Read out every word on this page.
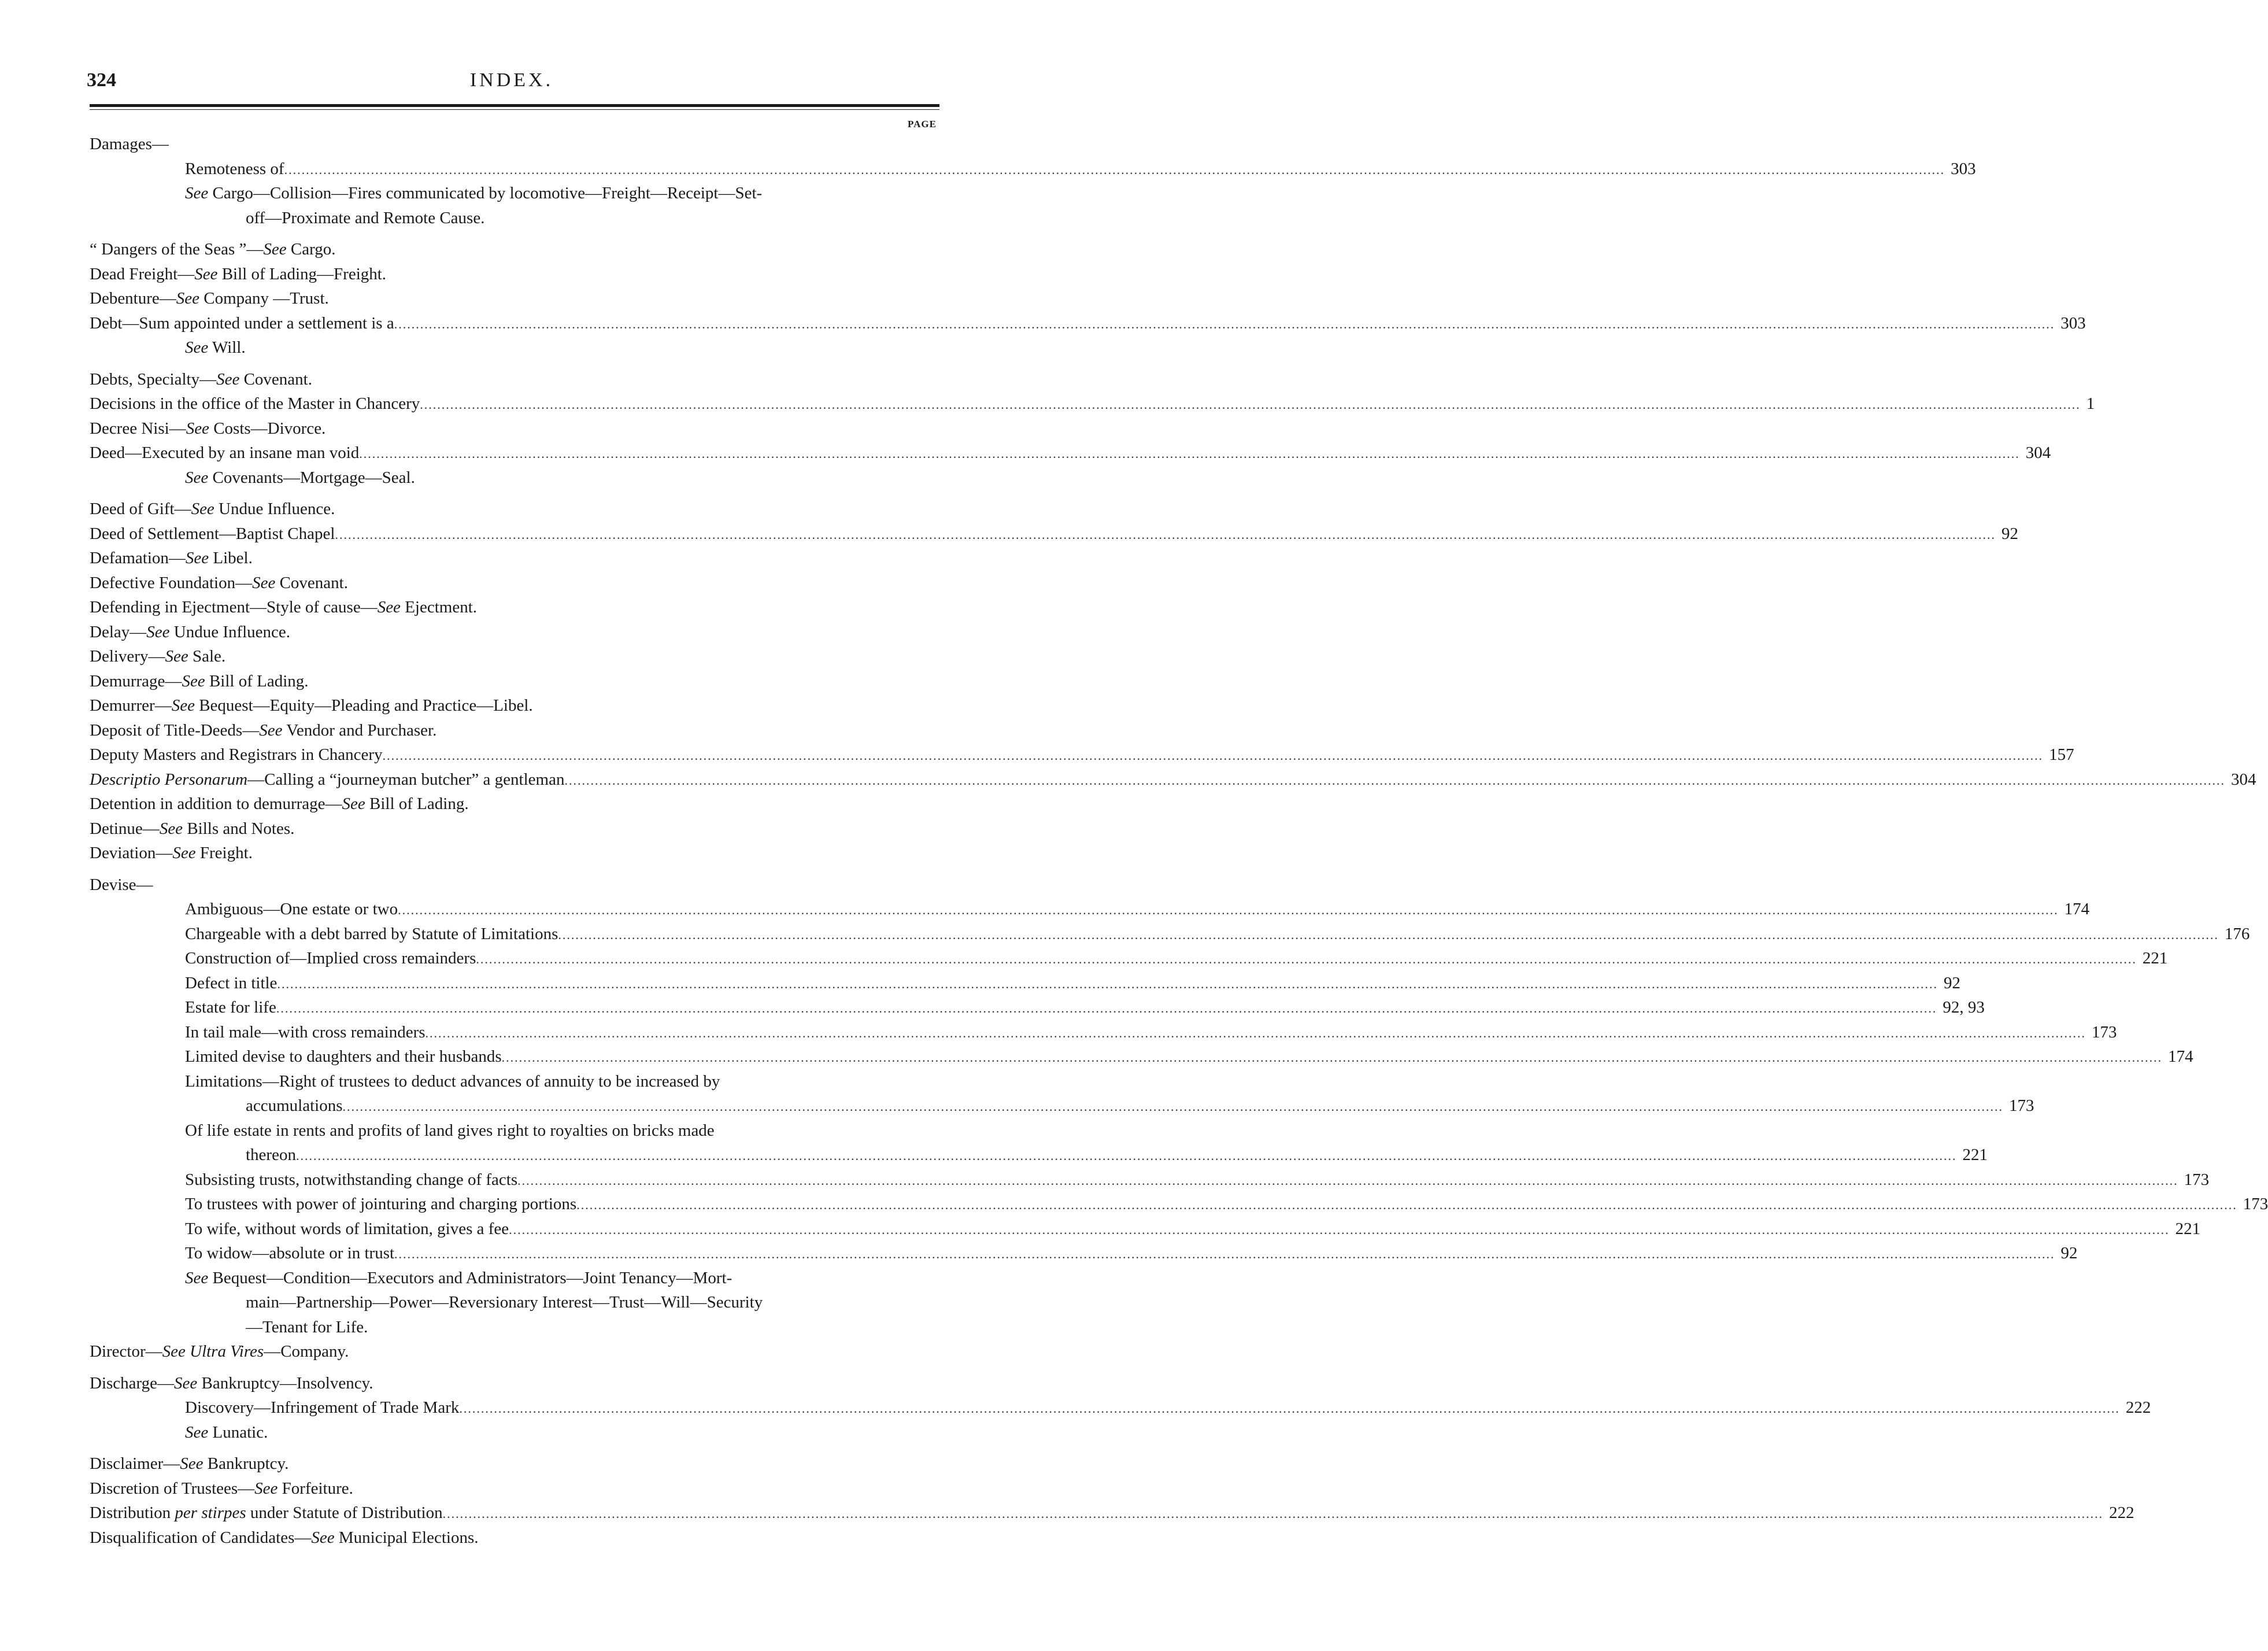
INDEX.
324
PAGE
Damages—
Remoteness of .....	303
See Cargo—Collision—Fires communicated by locomotive—Freight—Receipt—Set-
off—Proximate and Remote Cause.
“ Dangers of the Seas ”—See Cargo.
Dead Freight—See Bill of Lading—Freight.
Debenture—See Company —Trust.
Debt—Sum appointed under a settlement is a .....	303
See Will.
Debts, Specialty—See Covenant.
Decisions in the office of the Master in Chancery .....	1
Decree Nisi—See Costs—Divorce.
Deed—Executed by an insane man void .....	304
See Covenants—Mortgage—Seal.
Deed of Gift—See Undue Influence.
Deed of Settlement—Baptist Chapel .....	92
Defamation—See Libel.
Defective Foundation—See Covenant.
Defending in Ejectment—Style of cause—See Ejectment.
Delay—See Undue Influence.
Delivery—See Sale.
Demurrage—See Bill of Lading.
Demurrer—See Bequest—Equity—Pleading and Practice—Libel.
Deposit of Title-Deeds—See Vendor and Purchaser.
Deputy Masters and Registrars in Chancery .....	157
Descriptio Personarum—Calling a “journeyman butcher” a gentleman .....	304
Detention in addition to demurrage—See Bill of Lading.
Detinue—See Bills and Notes.
Deviation—See Freight.
Devise—
Ambiguous—One estate or two .....	174
Chargeable with a debt barred by Statute of Limitations .....	176
Construction of—Implied cross remainders .....	221
Defect in title .....	92
Estate for life .....	92, 93
In tail male—with cross remainders .....	173
Limited devise to daughters and their husbands .....	174
Limitations—Right of trustees to deduct advances of annuity to be increased by
accumulations .....	173
Of life estate in rents and profits of land gives right to royalties on bricks made
thereon .....	221
Subsisting trusts, notwithstanding change of facts .....	173
To trustees with power of jointuring and charging portions .....	173
To wife, without words of limitation, gives a fee .....	221
To widow—absolute or in trust .....	92
See Bequest—Condition—Executors and Administrators—Joint Tenancy—Mort-
main—Partnership—Power—Reversionary Interest—Trust—Will—Security
—Tenant for Life.
Director—See Ultra Vires—Company.
Discharge—See Bankruptcy—Insolvency.
Discovery—Infringement of Trade Mark .....	222
See Lunatic.
Disclaimer—See Bankruptcy.
Discretion of Trustees—See Forfeiture.
Distribution per stirpes under Statute of Distribution .....	222
Disqualification of Candidates—See Municipal Elections.
